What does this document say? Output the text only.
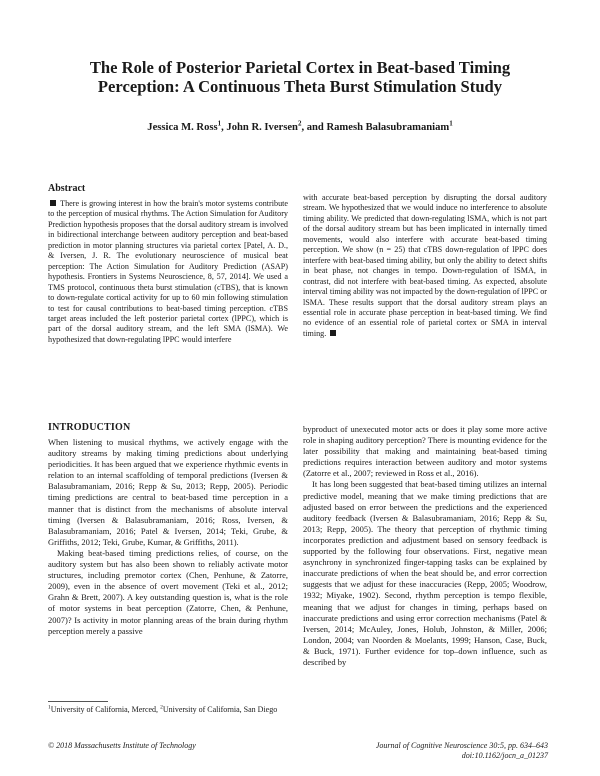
The Role of Posterior Parietal Cortex in Beat-based Timing
Perception: A Continuous Theta Burst Stimulation Study
Jessica M. Ross$^1$, John R. Iversen$^2$, and Ramesh Balasubramaniam$^1$
Abstract
There is growing interest in how the brain's motor systems contribute to the perception of musical rhythms. The Action Simulation for Auditory Prediction hypothesis proposes that the dorsal auditory stream is involved in bidirectional interchange between auditory perception and beat-based prediction in motor planning structures via parietal cortex [Patel, A. D., & Iversen, J. R. The evolutionary neuroscience of musical beat perception: The Action Simulation for Auditory Prediction (ASAP) hypothesis. Frontiers in Systems Neuroscience, 8, 57, 2014]. We used a TMS protocol, continuous theta burst stimulation (cTBS), that is known to down-regulate cortical activity for up to 60 min following stimulation to test for causal contributions to beat-based timing perception. cTBS target areas included the left posterior parietal cortex (lPPC), which is part of the dorsal auditory stream, and the left SMA (lSMA). We hypothesized that down-regulating lPPC would interfere
with accurate beat-based perception by disrupting the dorsal auditory stream. We hypothesized that we would induce no interference to absolute timing ability. We predicted that down-regulating lSMA, which is not part of the dorsal auditory stream but has been implicated in internally timed movements, would also interfere with accurate beat-based timing perception. We show (n = 25) that cTBS down-regulation of lPPC does interfere with beat-based timing ability, but only the ability to detect shifts in beat phase, not changes in tempo. Down-regulation of lSMA, in contrast, did not interfere with beat-based timing. As expected, absolute interval timing ability was not impacted by the down-regulation of lPPC or lSMA. These results support that the dorsal auditory stream plays an essential role in accurate phase perception in beat-based timing. We find no evidence of an essential role of parietal cortex or SMA in interval timing.
INTRODUCTION

When listening to musical rhythms, we actively engage with the auditory streams by making timing predictions about underlying periodicities. It has been argued that we experience rhythmic events in relation to an internal scaffolding of temporal predictions (Iversen & Balasubramaniam, 2016; Repp & Su, 2013; Repp, 2005). Periodic timing predictions are central to beat-based time perception in a manner that is distinct from the mechanisms of absolute interval timing (Iversen & Balasubramaniam, 2016; Ross, Iversen, & Balasubramaniam, 2016; Patel & Iversen, 2014; Teki, Grube, & Griffiths, 2012; Teki, Grube, Kumar, & Griffiths, 2011).

Making beat-based timing predictions relies, of course, on the auditory system but has also been shown to reliably activate motor structures, including premotor cortex (Chen, Penhune, & Zatorre, 2009), even in the absence of overt movement (Teki et al., 2012; Grahn & Brett, 2007). A key outstanding question is, what is the role of motor systems in beat perception (Zatorre, Chen, & Penhune, 2007)? Is activity in motor planning areas of the brain during rhythm perception merely a passive

byproduct of unexecuted motor acts or does it play some more active role in shaping auditory perception? There is mounting evidence for the later possibility that making and maintaining beat-based timing predictions requires interaction between auditory and motor systems (Zatorre et al., 2007; reviewed in Ross et al., 2016).

It has long been suggested that beat-based timing utilizes an internal predictive model, meaning that we make timing predictions that are adjusted based on error between the predictions and the experienced auditory feedback (Iversen & Balasubramaniam, 2016; Repp & Su, 2013; Repp, 2005). The theory that perception of rhythmic timing incorporates prediction and adjustment based on sensory feedback is supported by the following four observations. First, negative mean asynchrony in synchronized finger-tapping tasks can be explained by inaccurate predictions of when the beat should be, and error correction suggests that we adjust for these inaccuracies (Repp, 2005; Woodrow, 1932; Miyake, 1902). Second, rhythm perception is tempo flexible, meaning that we adjust for changes in timing, perhaps based on inaccurate predictions and using error correction mechanisms (Patel & Iversen, 2014; McAuley, Jones, Holub, Johnston, & Miller, 2006; London, 2004; van Noorden & Moelants, 1999; Hanson, Case, Buck, & Buck, 1971). Further evidence for top–down influence, such as described by

$^1$University of California, Merced, $^2$University of California, San Diego
© 2018 Massachusetts Institute of Technology	Journal of Cognitive Neuroscience 30:5, pp. 634–643
doi:10.1162/jocn_a_01237
